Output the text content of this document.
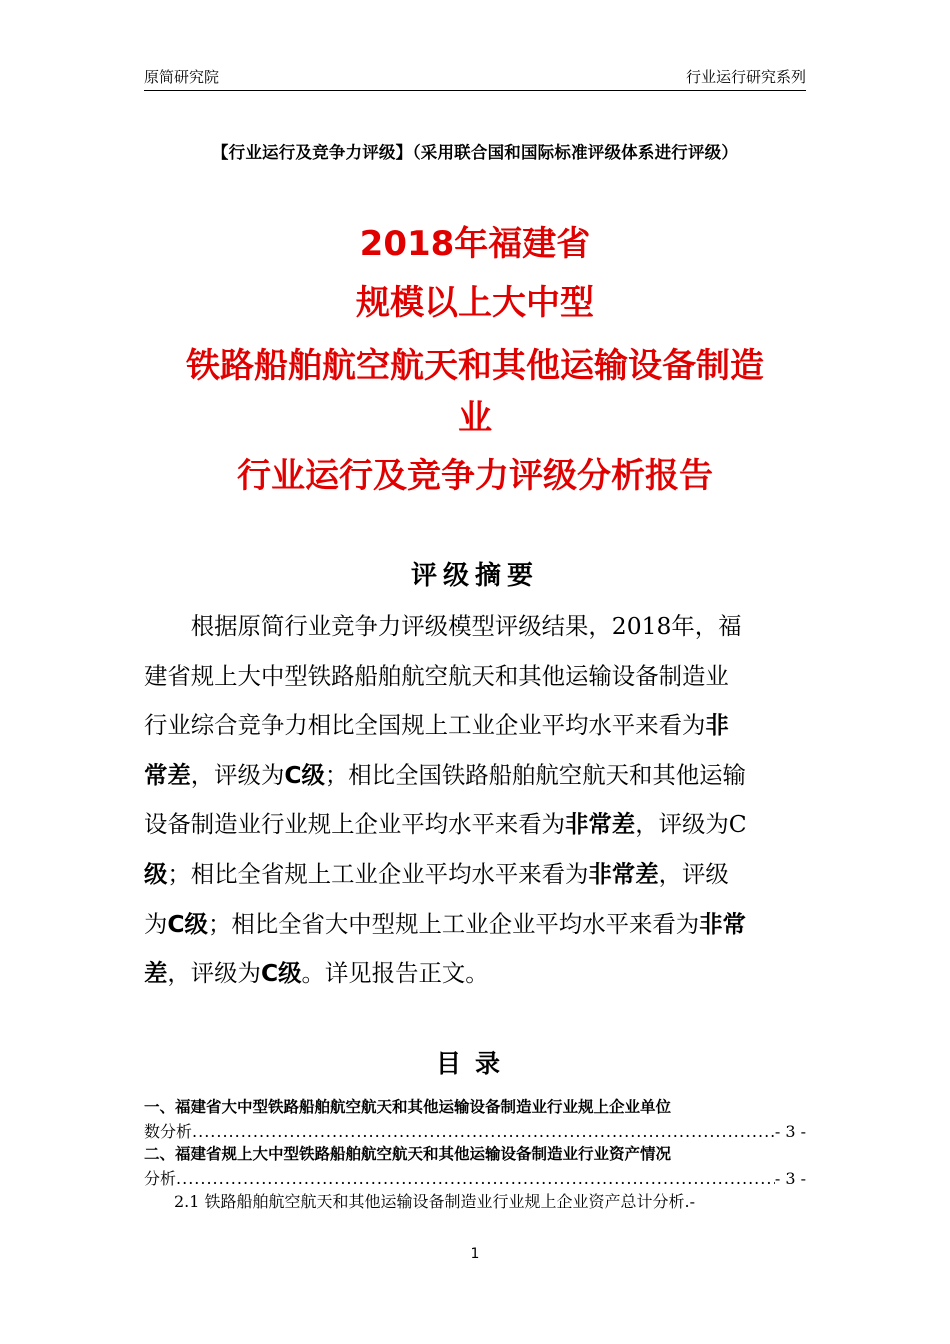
原简研究院	行业运行研究系列
【行业运行及竞争力评级】（采用联合国和国际标准评级体系进行评级）
2018年福建省
规模以上大中型
铁路船舶航空航天和其他运输设备制造
业
行业运行及竞争力评级分析报告
评级摘要
　　根据原简行业竞争力评级模型评级结果，2018年，福
建省规上大中型铁路船舶航空航天和其他运输设备制造业
行业综合竞争力相比全国规上工业企业平均水平来看为非
常差，评级为C级；相比全国铁路船舶航空航天和其他运输
设备制造业行业规上企业平均水平来看为非常差，评级为C
级；相比全省规上工业企业平均水平来看为非常差，评级
为C级；相比全省大中型规上工业企业平均水平来看为非常
差，评级为C级。详见报告正文。
目录
一、福建省大中型铁路船舶航空航天和其他运输设备制造业行业规上企业单位
数分析 .....	- 3 -
二、福建省规上大中型铁路船舶航空航天和其他运输设备制造业行业资产情况
分析 .....	- 3 -
2.1 铁路船舶航空航天和其他运输设备制造业行业规上企业资产总计分析.-
1
